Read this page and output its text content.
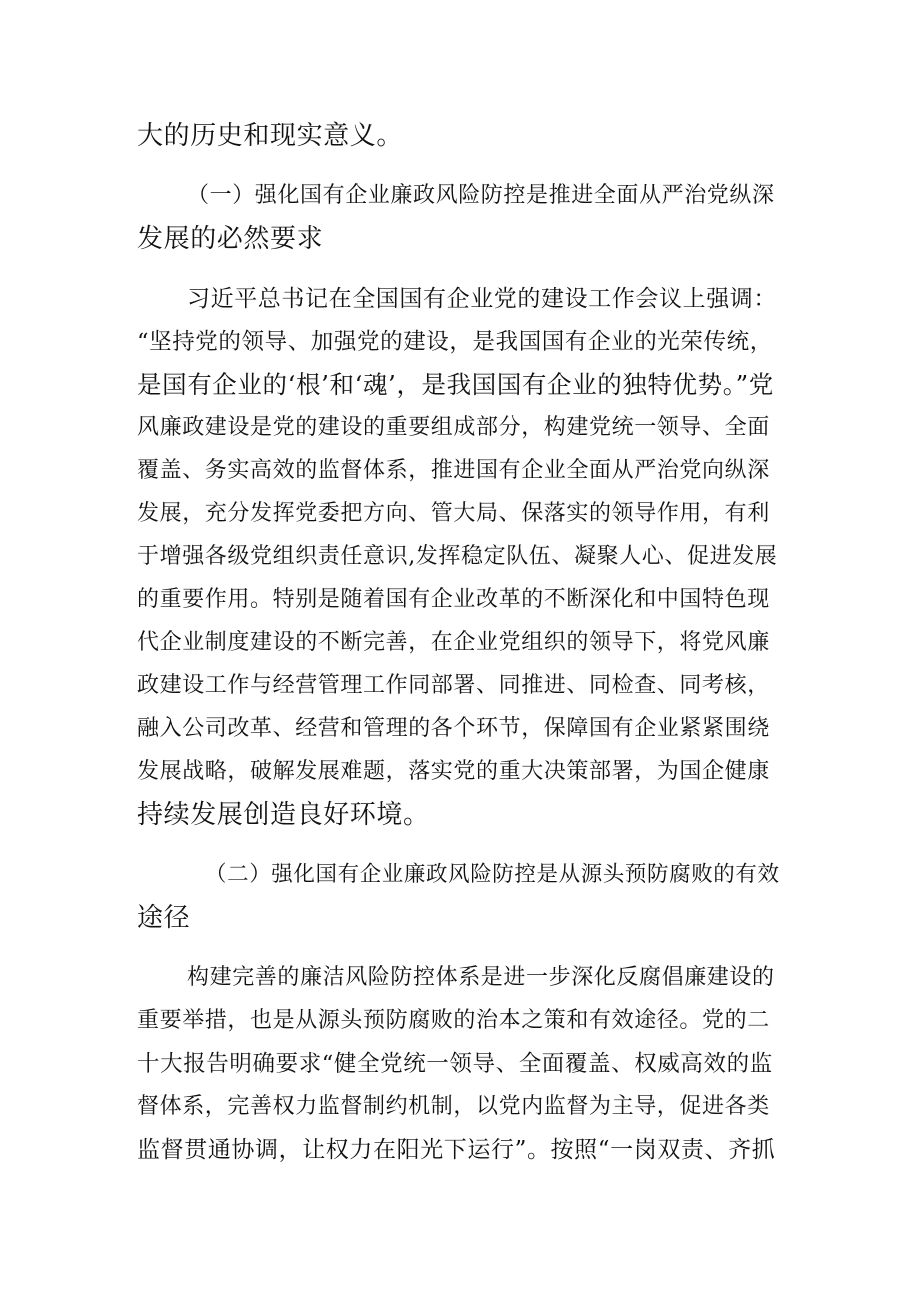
大的历史和现实意义。
（一）强化国有企业廉政风险防控是推进全面从严治党纵深
发展的必然要求
习近平总书记在全国国有企业党的建设工作会议上强调：
“坚持党的领导、加强党的建设，是我国国有企业的光荣传统，
是国有企业的‘根’和‘魂’，是我国国有企业的独特优势。”党
风廉政建设是党的建设的重要组成部分，构建党统一领导、全面
覆盖、务实高效的监督体系，推进国有企业全面从严治党向纵深
发展，充分发挥党委把方向、管大局、保落实的领导作用，有利
于增强各级党组织责任意识,发挥稳定队伍、凝聚人心、促进发展
的重要作用。特别是随着国有企业改革的不断深化和中国特色现
代企业制度建设的不断完善，在企业党组织的领导下，将党风廉
政建设工作与经营管理工作同部署、同推进、同检查、同考核，
融入公司改革、经营和管理的各个环节，保障国有企业紧紧围绕
发展战略，破解发展难题，落实党的重大决策部署，为国企健康
持续发展创造良好环境。
（二）强化国有企业廉政风险防控是从源头预防腐败的有效
途径
构建完善的廉洁风险防控体系是进一步深化反腐倡廉建设的
重要举措，也是从源头预防腐败的治本之策和有效途径。党的二
十大报告明确要求“健全党统一领导、全面覆盖、权威高效的监
督体系，完善权力监督制约机制，以党内监督为主导，促进各类
监督贯通协调，让权力在阳光下运行”。按照“一岗双责、齐抓
